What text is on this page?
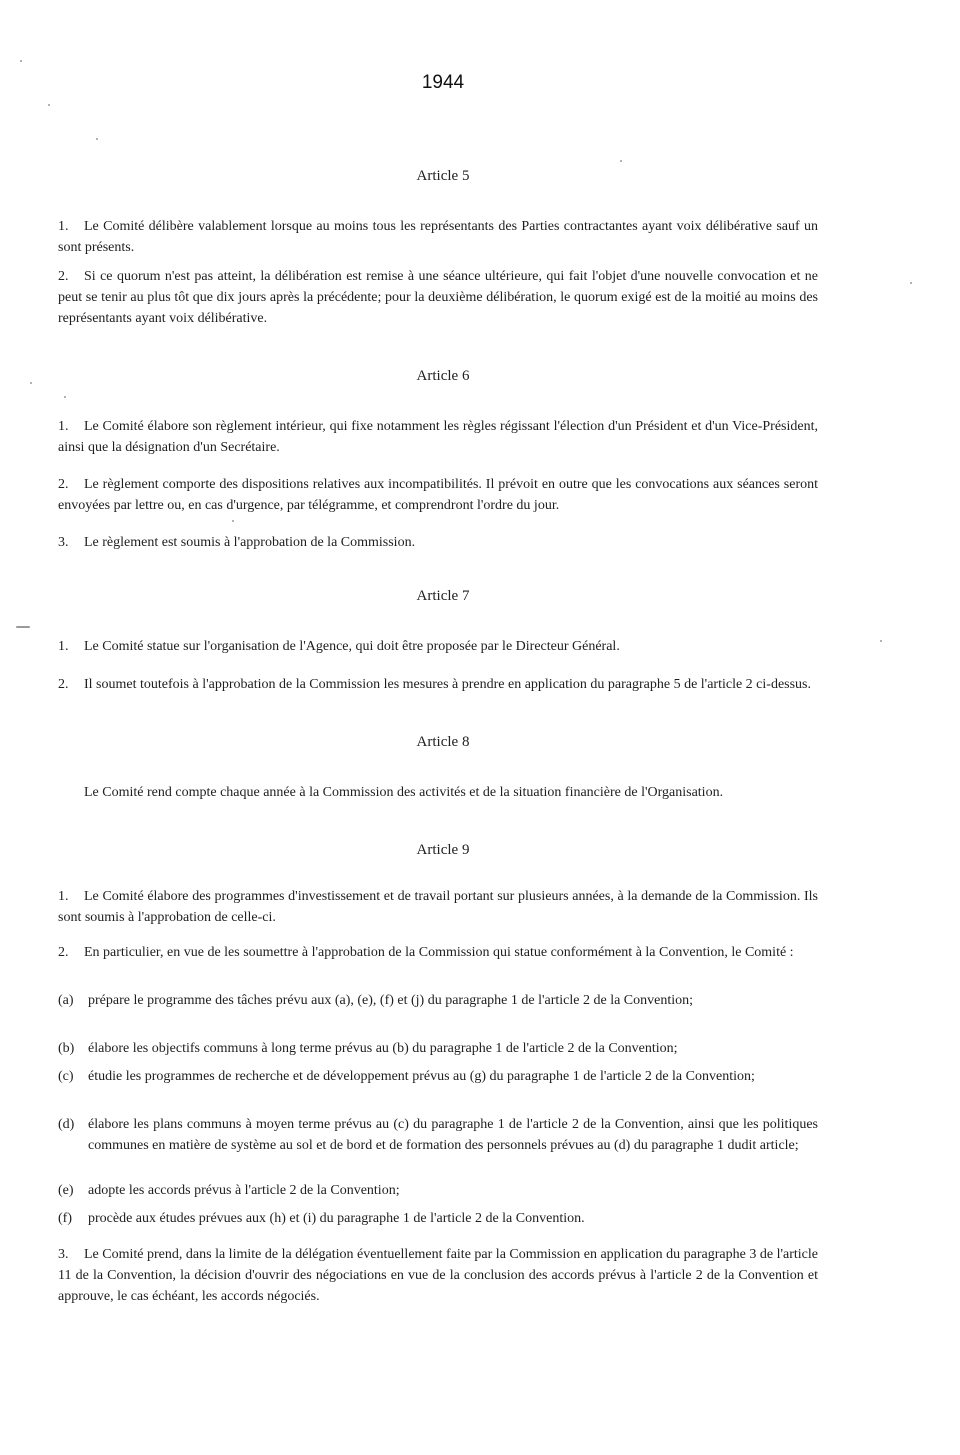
1944
Article 5
1. Le Comité délibère valablement lorsque au moins tous les représentants des Parties contractantes ayant voix délibérative sauf un sont présents.
2. Si ce quorum n'est pas atteint, la délibération est remise à une séance ultérieure, qui fait l'objet d'une nouvelle convocation et ne peut se tenir au plus tôt que dix jours après la précédente; pour la deuxième délibération, le quorum exigé est de la moitié au moins des représentants ayant voix délibérative.
Article 6
1. Le Comité élabore son règlement intérieur, qui fixe notamment les règles régissant l'élection d'un Président et d'un Vice-Président, ainsi que la désignation d'un Secrétaire.
2. Le règlement comporte des dispositions relatives aux incompatibilités. Il prévoit en outre que les convocations aux séances seront envoyées par lettre ou, en cas d'urgence, par télégramme, et comprendront l'ordre du jour.
3. Le règlement est soumis à l'approbation de la Commission.
Article 7
1. Le Comité statue sur l'organisation de l'Agence, qui doit être proposée par le Directeur Général.
2. Il soumet toutefois à l'approbation de la Commission les mesures à prendre en application du paragraphe 5 de l'article 2 ci-dessus.
Article 8
Le Comité rend compte chaque année à la Commission des activités et de la situation financière de l'Organisation.
Article 9
1. Le Comité élabore des programmes d'investissement et de travail portant sur plusieurs années, à la demande de la Commission. Ils sont soumis à l'approbation de celle-ci.
2. En particulier, en vue de les soumettre à l'approbation de la Commission qui statue conformément à la Convention, le Comité :
(a) prépare le programme des tâches prévu aux (a), (e), (f) et (j) du paragraphe 1 de l'article 2 de la Convention;
(b) élabore les objectifs communs à long terme prévus au (b) du paragraphe 1 de l'article 2 de la Convention;
(c) étudie les programmes de recherche et de développement prévus au (g) du paragraphe 1 de l'article 2 de la Convention;
(d) élabore les plans communs à moyen terme prévus au (c) du paragraphe 1 de l'article 2 de la Convention, ainsi que les politiques communes en matière de système au sol et de bord et de formation des personnels prévues au (d) du paragraphe 1 dudit article;
(e) adopte les accords prévus à l'article 2 de la Convention;
(f) procède aux études prévues aux (h) et (i) du paragraphe 1 de l'article 2 de la Convention.
3. Le Comité prend, dans la limite de la délégation éventuellement faite par la Commission en application du paragraphe 3 de l'article 11 de la Convention, la décision d'ouvrir des négociations en vue de la conclusion des accords prévus à l'article 2 de la Convention et approuve, le cas échéant, les accords négociés.
